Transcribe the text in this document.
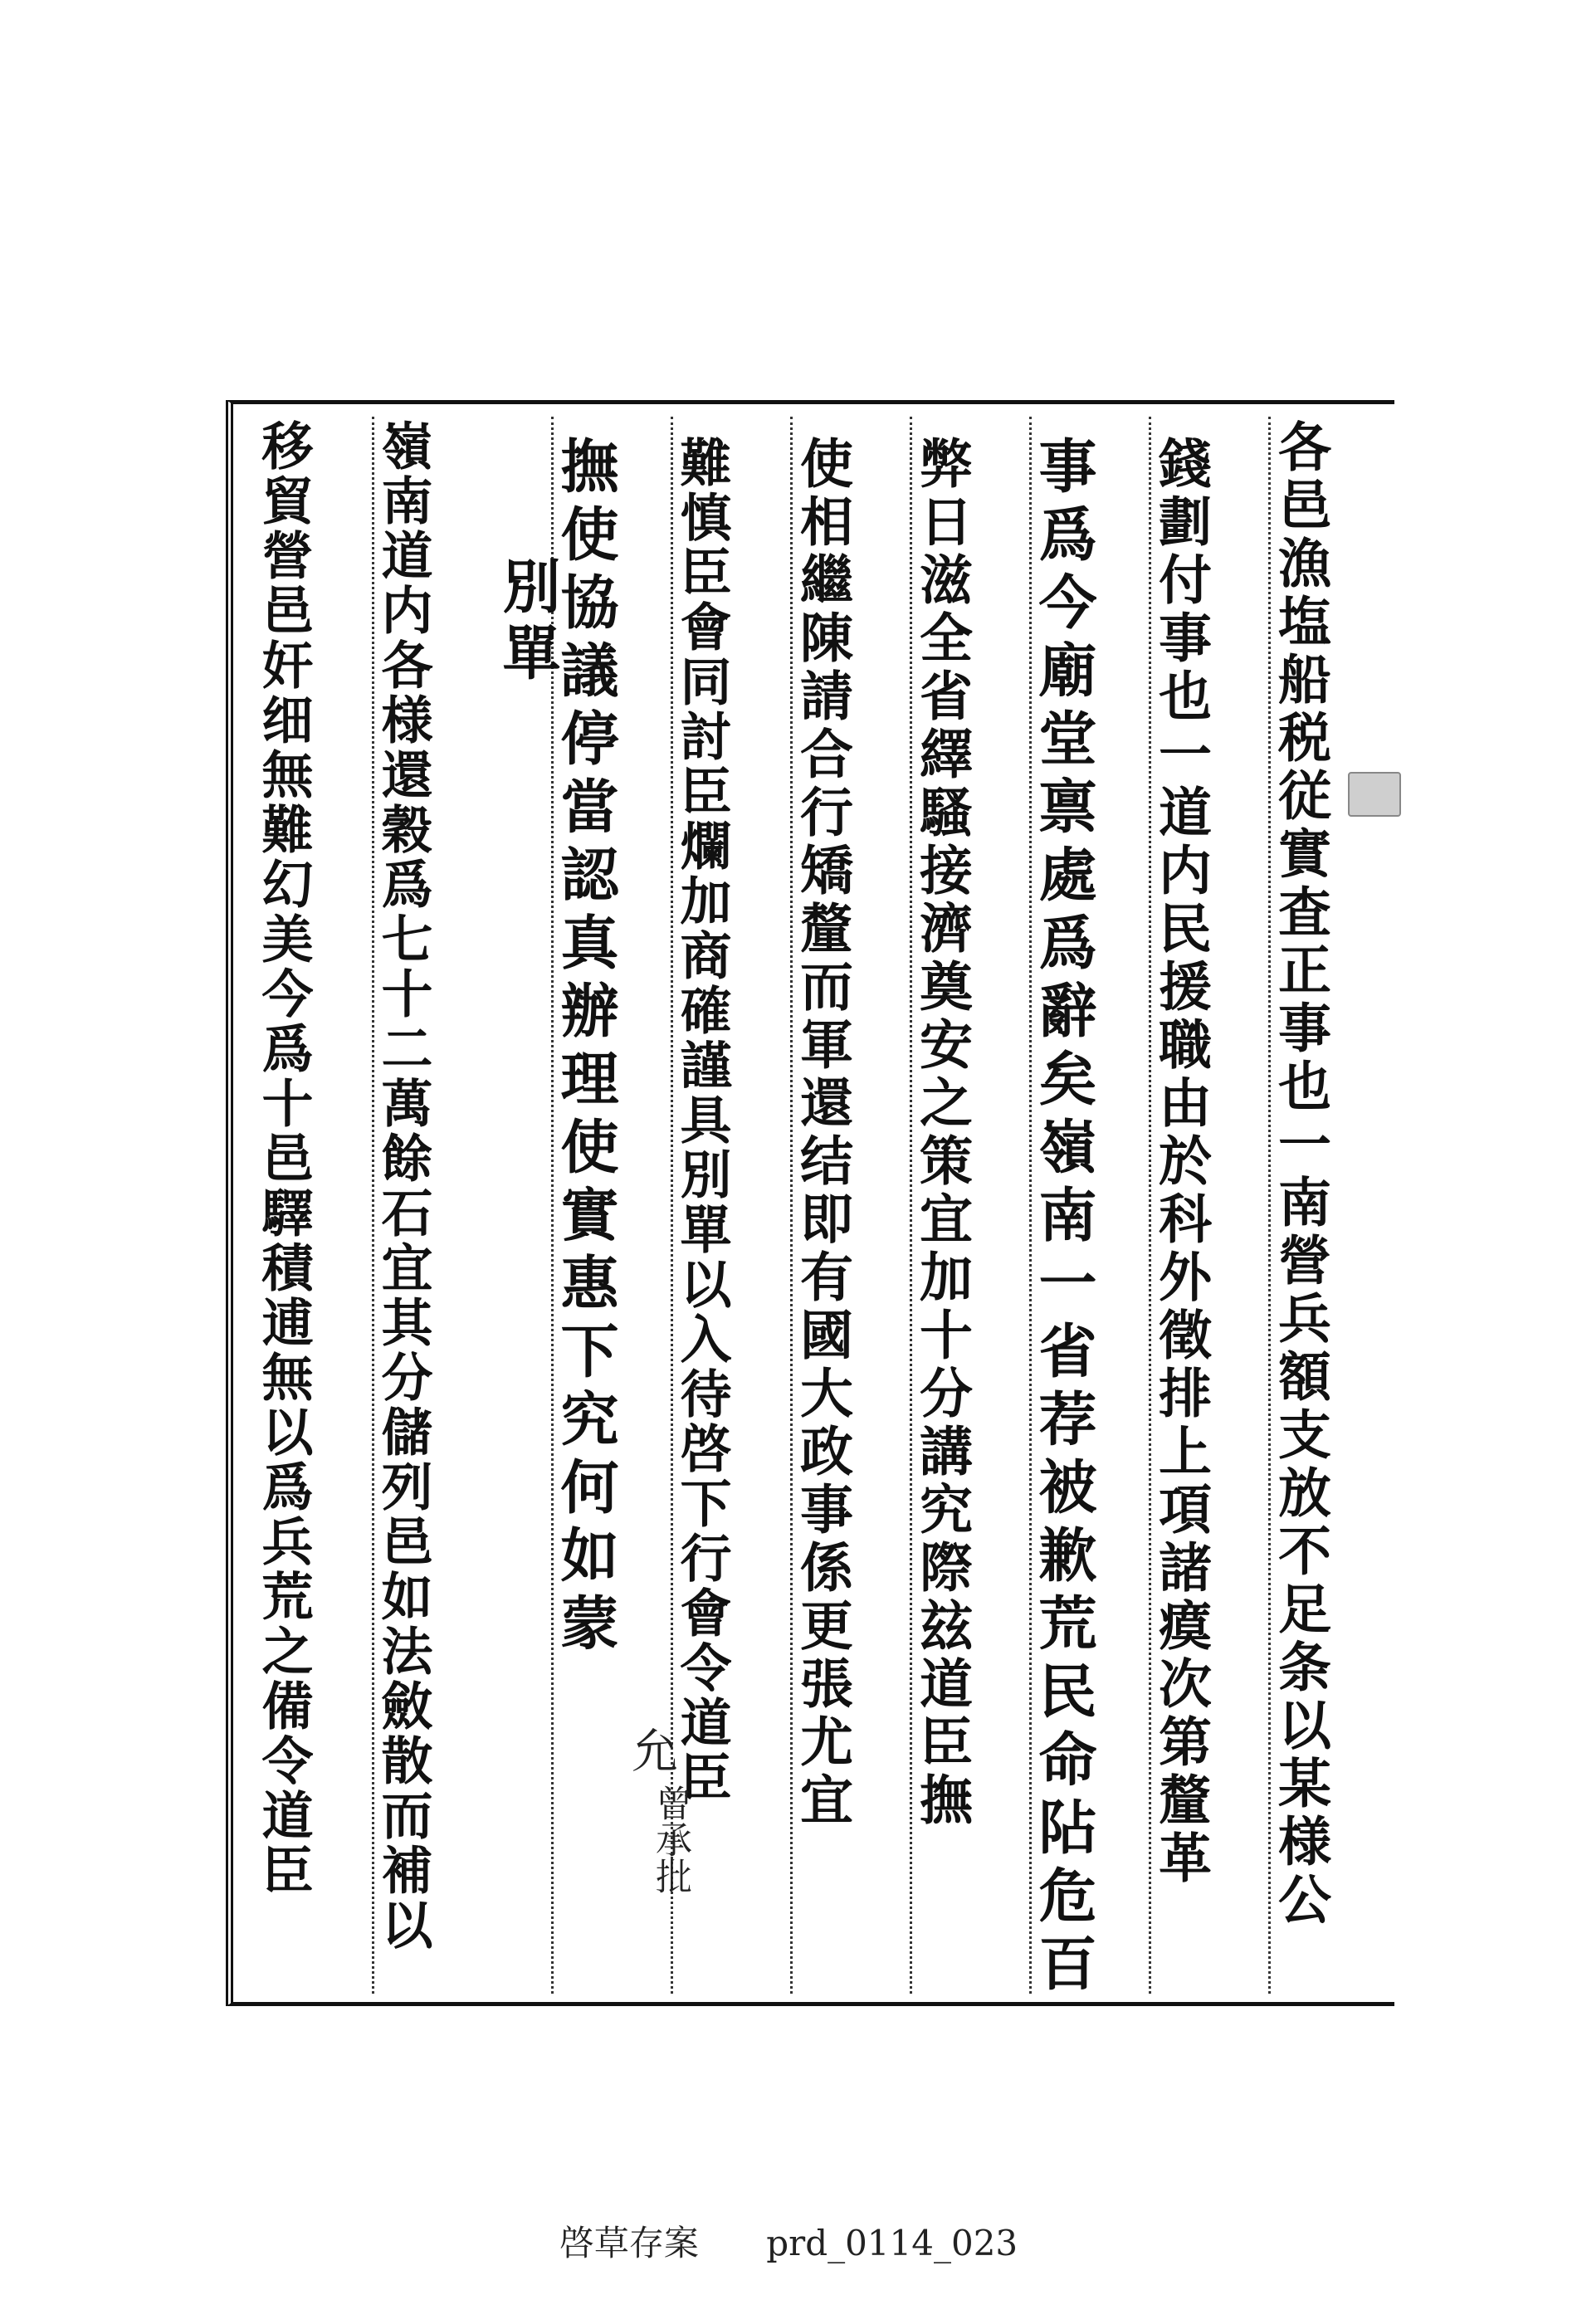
各邑漁塩船税従實査正事也一南營兵額支放不足条以某様公
錢劃付事也一道内民援職由於科外徵排上項諸瘼次第釐革
事爲今廟堂禀處爲辭矣嶺南一省荐被歉荒民命阽危百
弊日滋全省繹騷接濟奠安之策宜加十分講究際玆道臣撫
使相繼陳請合行矯釐而軍還结即有國大政事係更張尤宜
難慎臣會同討臣爛加商確謹具別單以入待啓下行會令道臣
撫使協議停當認真辦理使實惠下究何如蒙
允
曾承批
別單
嶺南道内各様還穀爲七十二萬餘石宜其分儲列邑如法斂散而補以
移貿營邑奸细無難幻美今爲十邑驛積逋無以爲兵荒之備令道臣
啓草存案 prd_0114_023
